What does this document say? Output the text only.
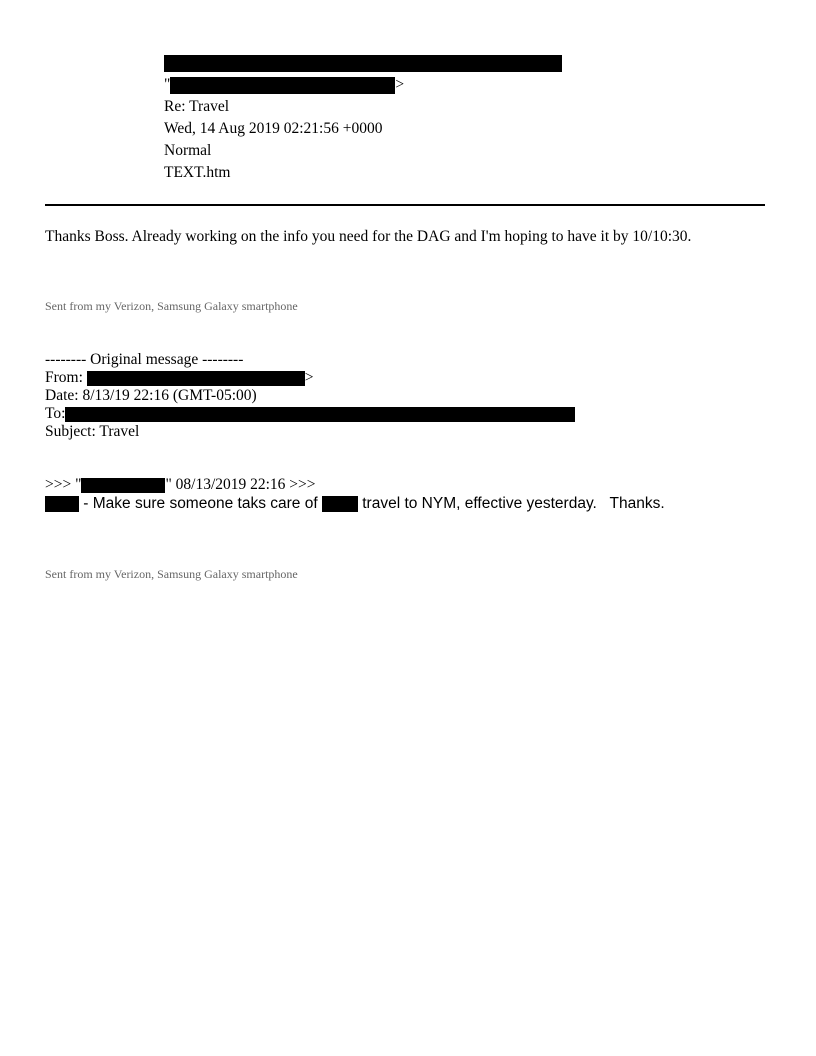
"	>
Re: Travel
Wed, 14 Aug 2019 02:21:56 +0000
Normal
TEXT.htm
Thanks Boss. Already working on the info you need for the DAG and I'm hoping to have it by 10/10:30.
Sent from my Verizon, Samsung Galaxy smartphone
-------- Original message --------
From:	>
Date: 8/13/19 22:16 (GMT-05:00)
To:
Subject: Travel
>>> "	" 08/13/2019 22:16 >>>
- Make sure someone taks care of  travel to NYM, effective yesterday.   Thanks.
Sent from my Verizon, Samsung Galaxy smartphone
